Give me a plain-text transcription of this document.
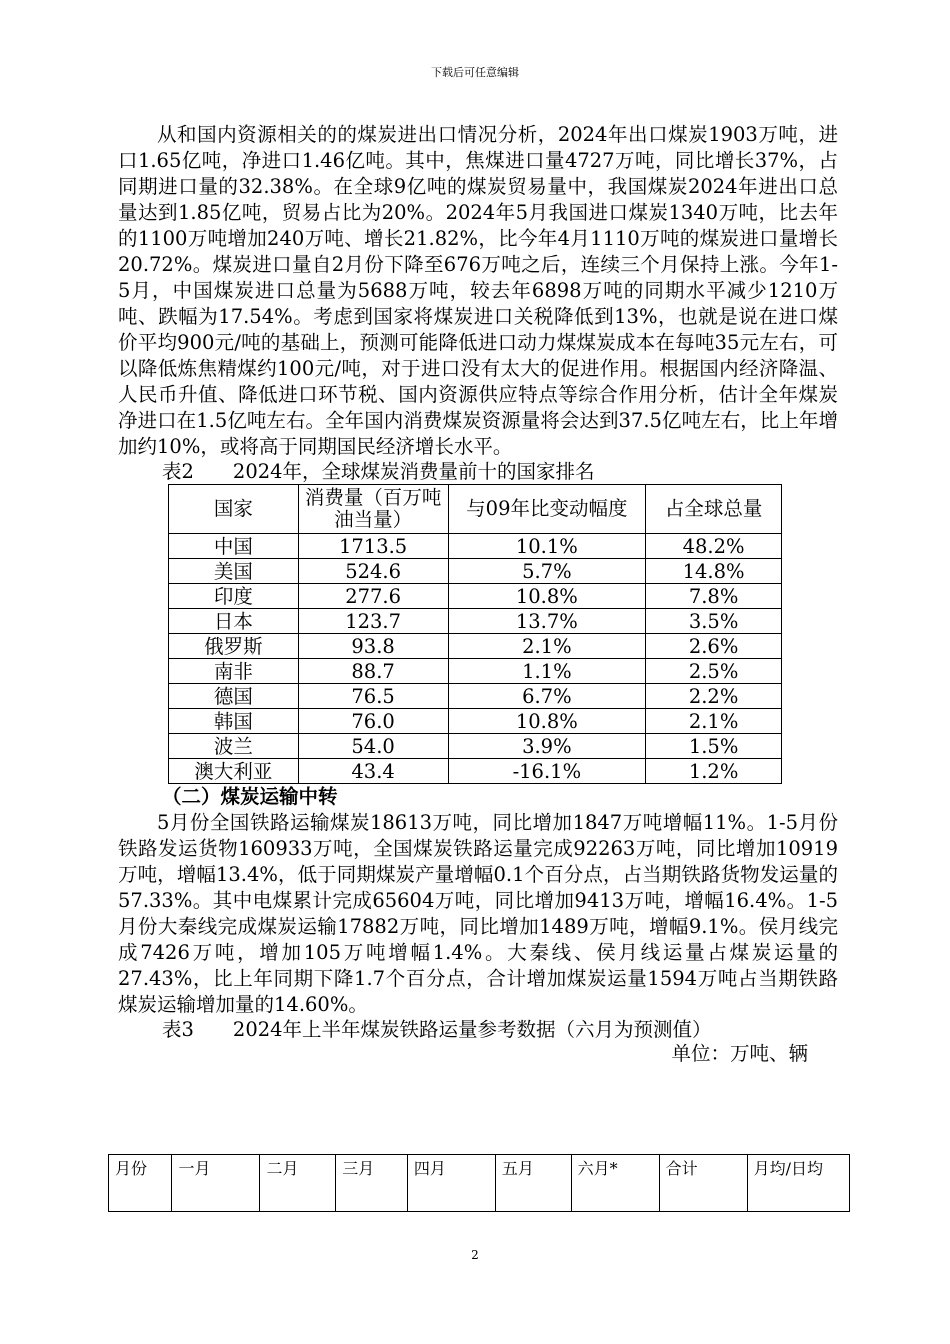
下载后可任意编辑

从和国内资源相关的的煤炭进出口情况分析，2024年出口煤炭1903万吨，进口1.65亿吨，净进口1.46亿吨。其中，焦煤进口量4727万吨，同比增长37%，占同期进口量的32.38%。在全球9亿吨的煤炭贸易量中，我国煤炭2024年进出口总量达到1.85亿吨，贸易占比为20%。2024年5月我国进口煤炭1340万吨，比去年的1100万吨增加240万吨、增长21.82%，比今年4月1110万吨的煤炭进口量增长20.72%。煤炭进口量自2月份下降至676万吨之后，连续三个月保持上涨。今年1-5月，中国煤炭进口总量为5688万吨，较去年6898万吨的同期水平减少1210万吨、跌幅为17.54%。考虑到国家将煤炭进口关税降低到13%，也就是说在进口煤价平均900元/吨的基础上，预测可能降低进口动力煤煤炭成本在每吨35元左右，可以降低炼焦精煤约100元/吨，对于进口没有太大的促进作用。根据国内经济降温、人民币升值、降低进口环节税、国内资源供应特点等综合作用分析，估计全年煤炭净进口在1.5亿吨左右。全年国内消费煤炭资源量将会达到37.5亿吨左右，比上年增加约10%，或将高于同期国民经济增长水平。

表2　　2024年，全球煤炭消费量前十的国家排名

国家	消费量（百万吨油当量）	与09年比变动幅度	占全球总量
中国	1713.5	10.1%	48.2%
美国	524.6	5.7%	14.8%
印度	277.6	10.8%	7.8%
日本	123.7	13.7%	3.5%
俄罗斯	93.8	2.1%	2.6%
南非	88.7	1.1%	2.5%
德国	76.5	6.7%	2.2%
韩国	76.0	10.8%	2.1%
波兰	54.0	3.9%	1.5%
澳大利亚	43.4	-16.1%	1.2%

（二）煤炭运输中转

5月份全国铁路运输煤炭18613万吨，同比增加1847万吨增幅11%。1-5月份铁路发运货物160933万吨，全国煤炭铁路运量完成92263万吨，同比增加10919万吨，增幅13.4%，低于同期煤炭产量增幅0.1个百分点，占当期铁路货物发运量的57.33%。其中电煤累计完成65604万吨，同比增加9413万吨，增幅16.4%。1-5月份大秦线完成煤炭运输17882万吨，同比增加1489万吨，增幅9.1%。侯月线完成7426万吨，增加105万吨增幅1.4%。大秦线、侯月线运量占煤炭运量的27.43%，比上年同期下降1.7个百分点，合计增加煤炭运量1594万吨占当期铁路煤炭运输增加量的14.60%。

表3　　2024年上半年煤炭铁路运量参考数据（六月为预测值）

单位：万吨、辆

月份	一月	二月	三月	四月	五月	六月*	合计	月均/日均
2
